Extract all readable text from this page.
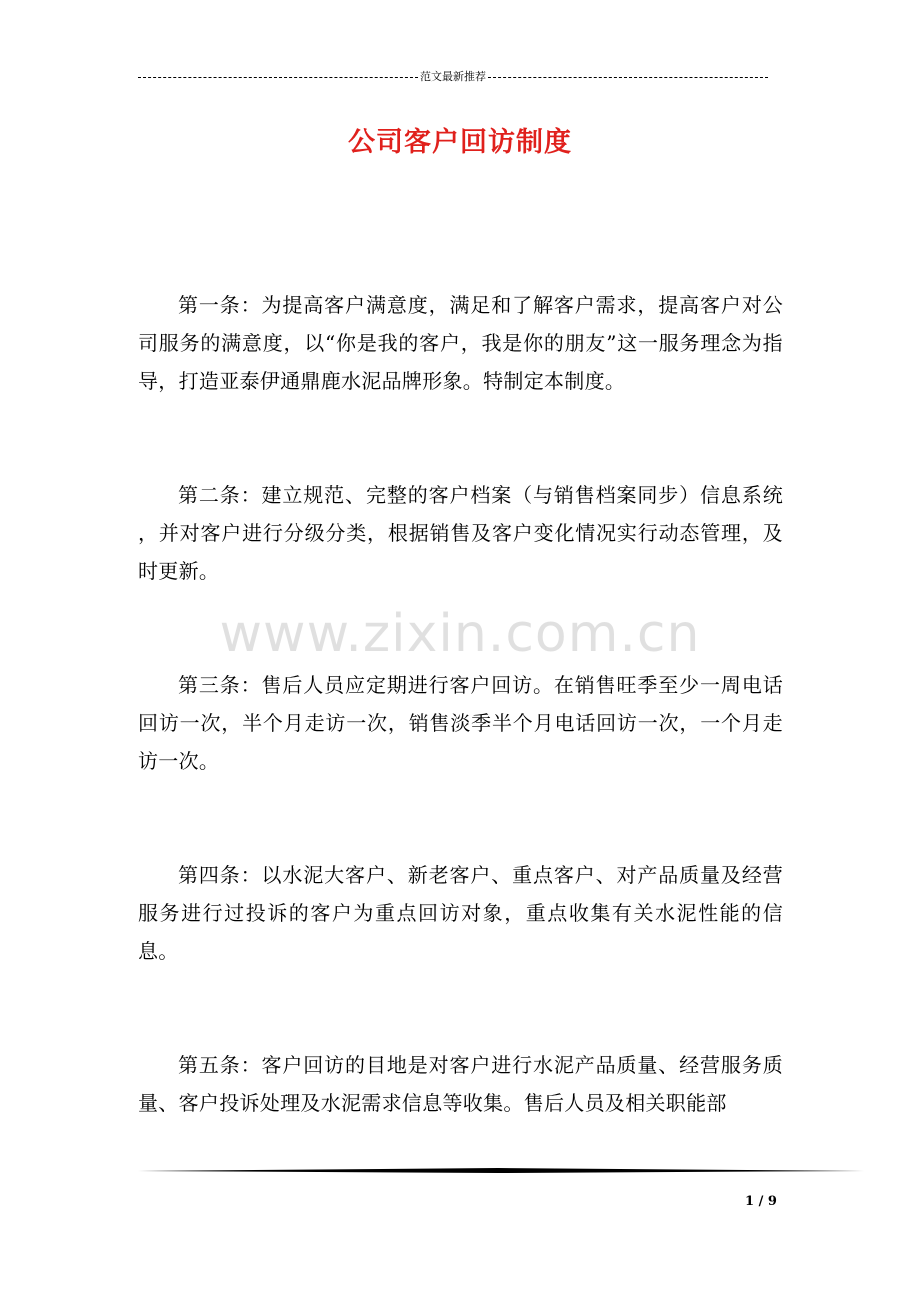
范文最新推荐
公司客户回访制度
www.zixin.com.cn

第一条：为提高客户满意度，满足和了解客户需求，提高客户对公司服务的满意度，以“你是我的客户，我是你的朋友”这一服务理念为指导，打造亚泰伊通鼎鹿水泥品牌形象。特制定本制度。

第二条：建立规范、完整的客户档案（与销售档案同步）信息系统 ，并对客户进行分级分类，根据销售及客户变化情况实行动态管理，及时更新。

第三条：售后人员应定期进行客户回访。在销售旺季至少一周电话回访一次，半个月走访一次，销售淡季半个月电话回访一次，一个月走访一次。

第四条：以水泥大客户、新老客户、重点客户、对产品质量及经营服务进行过投诉的客户为重点回访对象，重点收集有关水泥性能的信息。

第五条：客户回访的目地是对客户进行水泥产品质量、经营服务质量、客户投诉处理及水泥需求信息等收集。售后人员及相关职能部

1 / 9
